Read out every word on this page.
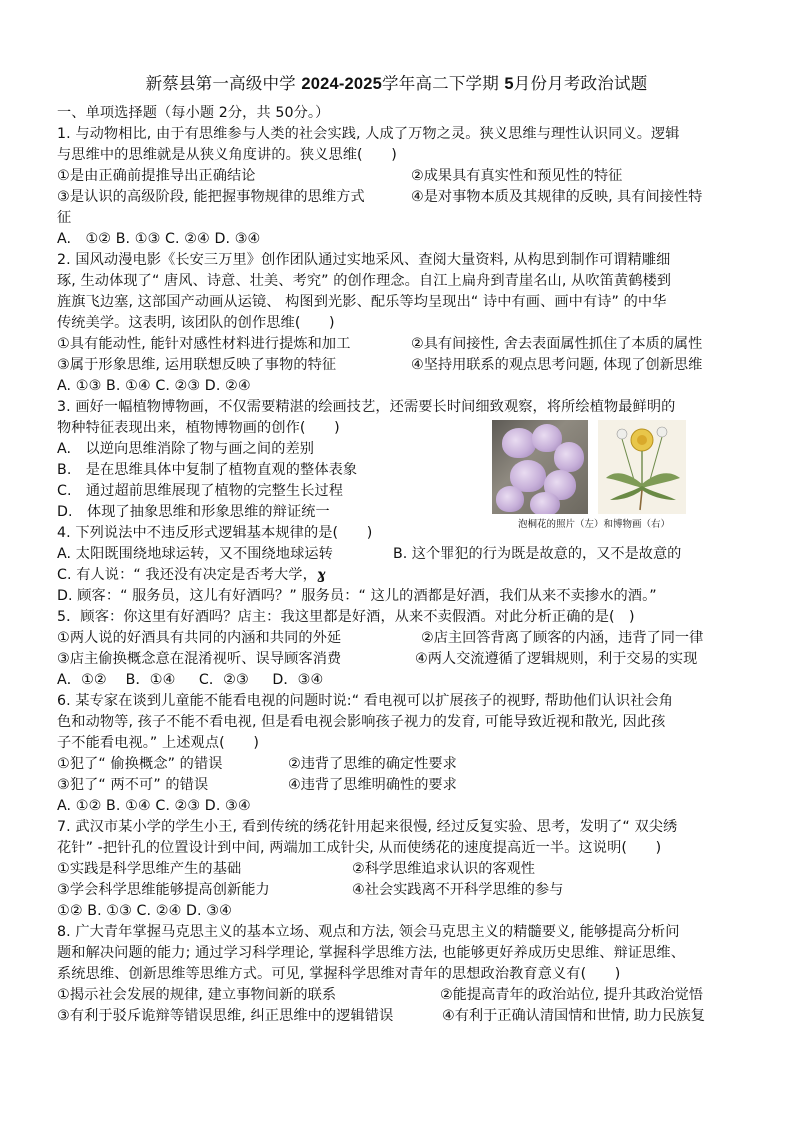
新蔡县第一高级中学 2024-2025学年高二下学期 5月份月考政治试题
一、单项选择题（每小题 2分，共 50分。）
1. 与动物相比, 由于有思维参与人类的社会实践, 人成了万物之灵。狭义思维与理性认识同义。逻辑
与思维中的思维就是从狭义角度讲的。狭义思维(　　)
①是由正确前提推导出正确结论	②成果具有真实性和预见性的特征
③是认识的高级阶段, 能把握事物规律的思维方式	④是对事物本质及其规律的反映, 具有间接性特
征
A.　①② B. ①③ C. ②④ D. ③④
2. 国风动漫电影《长安三万里》创作团队通过实地采风、查阅大量资料, 从构思到制作可谓精雕细
琢, 生动体现了“ 唐风、诗意、壮美、考究” 的创作理念。自江上扁舟到青崖名山, 从吹笛黄鹤楼到
旌旗飞边塞, 这部国产动画从运镜、 构图到光影、配乐等均呈现出“ 诗中有画、画中有诗” 的中华
传统美学。这表明, 该团队的创作思维(　　)
①具有能动性, 能针对感性材料进行提炼和加工	②具有间接性, 舍去表面属性抓住了本质的属性
③属于形象思维, 运用联想反映了事物的特征	④坚持用联系的观点思考问题, 体现了创新思维
A. ①③ B. ①④ C. ②③ D. ②④
3. 画好一幅植物博物画，不仅需要精湛的绘画技艺，还需要长时间细致观察，将所绘植物最鲜明的
物种特征表现出来，植物博物画的创作(　　)
A.　以逆向思维消除了物与画之间的差别
B.　是在思维具体中复制了植物直观的整体表象
C.　通过超前思维展现了植物的完整生长过程
D.　体现了抽象思维和形象思维的辩证统一
泡桐花的照片（左）和博物画（右）
4. 下列说法中不违反形式逻辑基本规律的是(　　)
A. 太阳既围绕地球运转，又不围绕地球运转	B. 这个罪犯的行为既是故意的，又不是故意的
C. 有人说：“ 我还没有决定是否考大学，ɣ
D. 顾客：“ 服务员，这儿有好酒吗？” 服务员：“ 这儿的酒都是好酒，我们从来不卖掺水的酒。”
5．顾客：你这里有好酒吗？店主：我这里都是好酒，从来不卖假酒。对此分析正确的是(　)
①两人说的好酒具有共同的内涵和共同的外延	②店主回答背离了顾客的内涵，违背了同一律
③店主偷换概念意在混淆视听、误导顾客消费	④两人交流遵循了逻辑规则，利于交易的实现
A．①②　 B．①④ 　 C．②③ 　 D．③④
6. 某专家在谈到儿童能不能看电视的问题时说:“ 看电视可以扩展孩子的视野, 帮助他们认识社会角
色和动物等, 孩子不能不看电视, 但是看电视会影响孩子视力的发育, 可能导致近视和散光, 因此孩
子不能看电视。” 上述观点(　　)
①犯了“ 偷换概念” 的错误	②违背了思维的确定性要求
③犯了“ 两不可” 的错误	④违背了思维明确性的要求
A. ①② B. ①④ C. ②③ D. ③④
7. 武汉市某小学的学生小王, 看到传统的绣花针用起来很慢, 经过反复实验、思考，发明了“ 双尖绣
花针” -把针孔的位置设计到中间, 两端加工成针尖, 从而使绣花的速度提高近一半。这说明(　　)
①实践是科学思维产生的基础	②科学思维追求认识的客观性
③学会科学思维能够提高创新能力	④社会实践离不开科学思维的参与
①② B. ①③ C. ②④ D. ③④
8. 广大青年掌握马克思主义的基本立场、观点和方法, 领会马克思主义的精髓要义, 能够提高分析问
题和解决问题的能力; 通过学习科学理论, 掌握科学思维方法, 也能够更好养成历史思维、辩证思维、
系统思维、创新思维等思维方式。可见, 掌握科学思维对青年的思想政治教育意义有(　　)
①揭示社会发展的规律, 建立事物间新的联系	②能提高青年的政治站位, 提升其政治觉悟
③有利于驳斥诡辩等错误思维, 纠正思维中的逻辑错误	④有利于正确认清国情和世情, 助力民族复
